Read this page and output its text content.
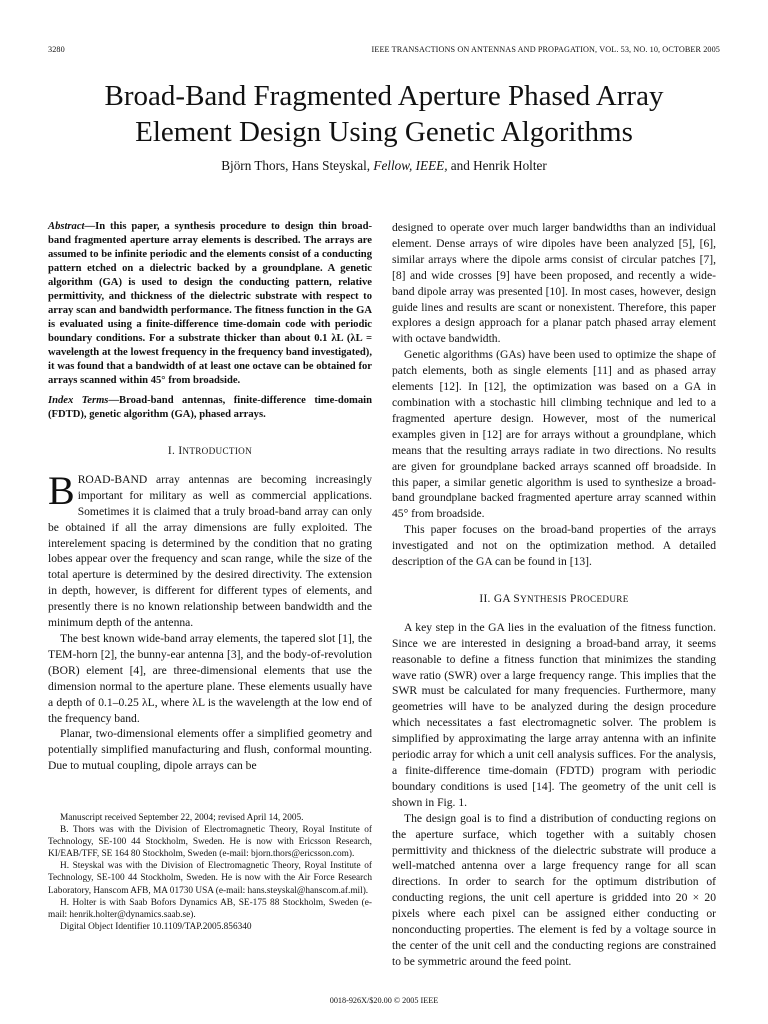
3280	IEEE TRANSACTIONS ON ANTENNAS AND PROPAGATION, VOL. 53, NO. 10, OCTOBER 2005
Broad-Band Fragmented Aperture Phased Array
Element Design Using Genetic Algorithms
Björn Thors, Hans Steyskal, Fellow, IEEE, and Henrik Holter

Abstract—In this paper, a synthesis procedure to design thin broad-band fragmented aperture array elements is described. The arrays are assumed to be infinite periodic and the elements consist of a conducting pattern etched on a dielectric backed by a groundplane. A genetic algorithm (GA) is used to design the conducting pattern, relative permittivity, and thickness of the dielectric substrate with respect to array scan and bandwidth performance. The fitness function in the GA is evaluated using a finite-difference time-domain code with periodic boundary conditions. For a substrate thicker than about 0.1 λL (λL = wavelength at the lowest frequency in the frequency band investigated), it was found that a bandwidth of at least one octave can be obtained for arrays scanned within 45° from broadside.

Index Terms—Broad-band antennas, finite-difference time-domain (FDTD), genetic algorithm (GA), phased arrays.

I. INTRODUCTION

BROAD-BAND array antennas are becoming increasingly important for military as well as commercial applications. Sometimes it is claimed that a truly broad-band array can only be obtained if all the array dimensions are fully exploited. The interelement spacing is determined by the condition that no grating lobes appear over the frequency and scan range, while the size of the total aperture is determined by the desired directivity. The extension in depth, however, is different for different types of elements, and presently there is no known relationship between bandwidth and the minimum depth of the antenna.

The best known wide-band array elements, the tapered slot [1], the TEM-horn [2], the bunny-ear antenna [3], and the body-of-revolution (BOR) element [4], are three-dimensional elements that use the dimension normal to the aperture plane. These elements usually have a depth of 0.1–0.25 λL, where λL is the wavelength at the low end of the frequency band.

Planar, two-dimensional elements offer a simplified geometry and potentially simplified manufacturing and flush, conformal mounting. Due to mutual coupling, dipole arrays can be

designed to operate over much larger bandwidths than an individual element. Dense arrays of wire dipoles have been analyzed [5], [6], similar arrays where the dipole arms consist of circular patches [7], [8] and wide crosses [9] have been proposed, and recently a wide-band dipole array was presented [10]. In most cases, however, design guide lines and results are scant or nonexistent. Therefore, this paper explores a design approach for a planar patch phased array element with octave bandwidth.

Genetic algorithms (GAs) have been used to optimize the shape of patch elements, both as single elements [11] and as phased array elements [12]. In [12], the optimization was based on a GA in combination with a stochastic hill climbing technique and led to a fragmented aperture design. However, most of the numerical examples given in [12] are for arrays without a groundplane, which means that the resulting arrays radiate in two directions. No results are given for groundplane backed arrays scanned off broadside. In this paper, a similar genetic algorithm is used to synthesize a broad-band groundplane backed fragmented aperture array scanned within 45° from broadside.

This paper focuses on the broad-band properties of the arrays investigated and not on the optimization method. A detailed description of the GA can be found in [13].

II. GA SYNTHESIS PROCEDURE

A key step in the GA lies in the evaluation of the fitness function. Since we are interested in designing a broad-band array, it seems reasonable to define a fitness function that minimizes the standing wave ratio (SWR) over a large frequency range. This implies that the SWR must be calculated for many frequencies. Furthermore, many geometries will have to be analyzed during the design procedure which necessitates a fast electromagnetic solver. The problem is simplified by approximating the large array antenna with an infinite periodic array for which a unit cell analysis suffices. For the analysis, a finite-difference time-domain (FDTD) program with periodic boundary conditions is used [14]. The geometry of the unit cell is shown in Fig. 1.

The design goal is to find a distribution of conducting regions on the aperture surface, which together with a suitably chosen permittivity and thickness of the dielectric substrate will produce a well-matched antenna over a large frequency range for all scan directions. In order to search for the optimum distribution of conducting regions, the unit cell aperture is gridded into 20 × 20 pixels where each pixel can be assigned either conducting or nonconducting properties. The element is fed by a voltage source in the center of the unit cell and the conducting regions are constrained to be symmetric around the feed point.

Manuscript received September 22, 2004; revised April 14, 2005.

B. Thors was with the Division of Electromagnetic Theory, Royal Institute of Technology, SE-100 44 Stockholm, Sweden. He is now with Ericsson Research, KI/EAB/TFF, SE 164 80 Stockholm, Sweden (e-mail: bjorn.thors@ericsson.com).

H. Steyskal was with the Division of Electromagnetic Theory, Royal Institute of Technology, SE-100 44 Stockholm, Sweden. He is now with the Air Force Research Laboratory, Hanscom AFB, MA 01730 USA (e-mail: hans.steyskal@hanscom.af.mil).

H. Holter is with Saab Bofors Dynamics AB, SE-175 88 Stockholm, Sweden (e-mail: henrik.holter@dynamics.saab.se).

Digital Object Identifier 10.1109/TAP.2005.856340

0018-926X/$20.00 © 2005 IEEE
